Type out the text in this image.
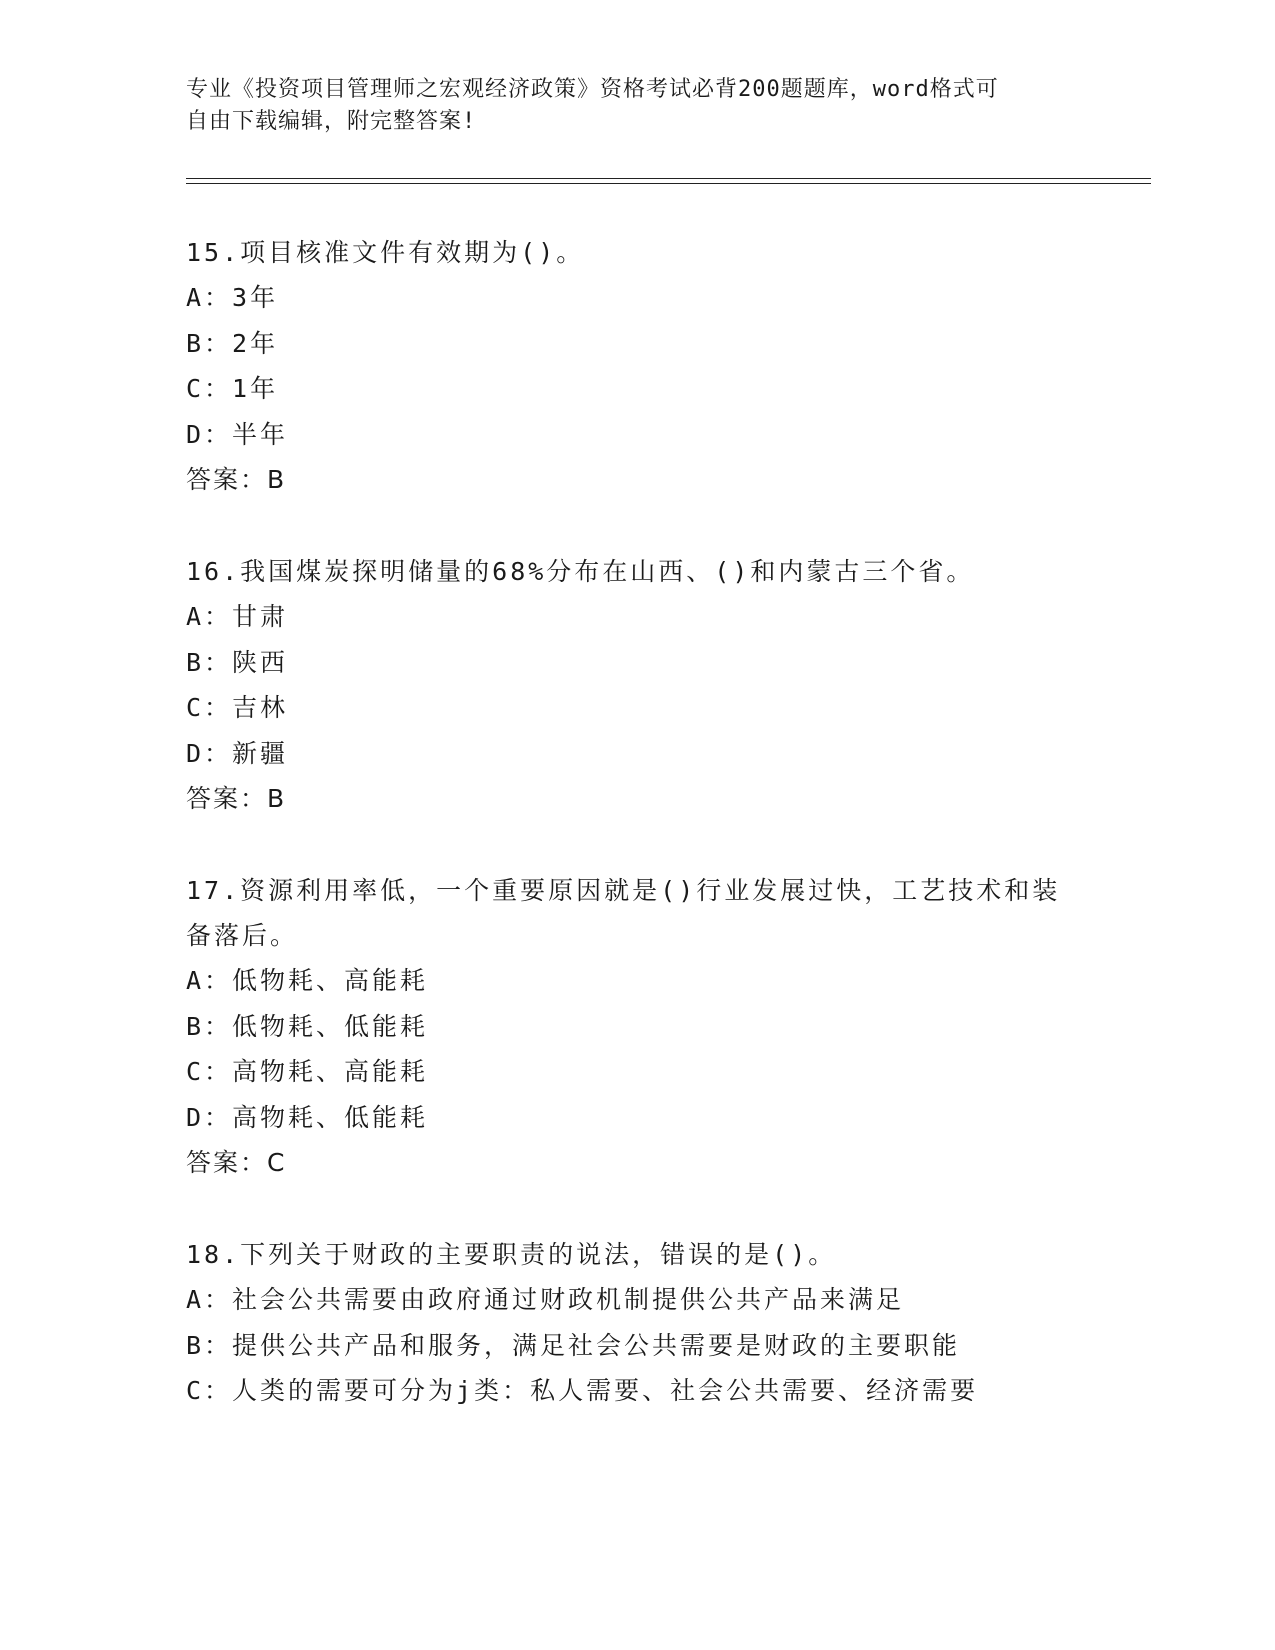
专业《投资项目管理师之宏观经济政策》资格考试必背200题题库，word格式可
自由下载编辑，附完整答案!
15.项目核准文件有效期为()。
A：3年
B：2年
C：1年
D：半年
答案：B
16.我国煤炭探明储量的68%分布在山西、()和内蒙古三个省。
A：甘肃
B：陕西
C：吉林
D：新疆
答案：B
17.资源利用率低，一个重要原因就是()行业发展过快，工艺技术和装
备落后。
A：低物耗、高能耗
B：低物耗、低能耗
C：高物耗、高能耗
D：高物耗、低能耗
答案：C
18.下列关于财政的主要职责的说法，错误的是()。
A：社会公共需要由政府通过财政机制提供公共产品来满足
B：提供公共产品和服务，满足社会公共需要是财政的主要职能
C：人类的需要可分为j类：私人需要、社会公共需要、经济需要
